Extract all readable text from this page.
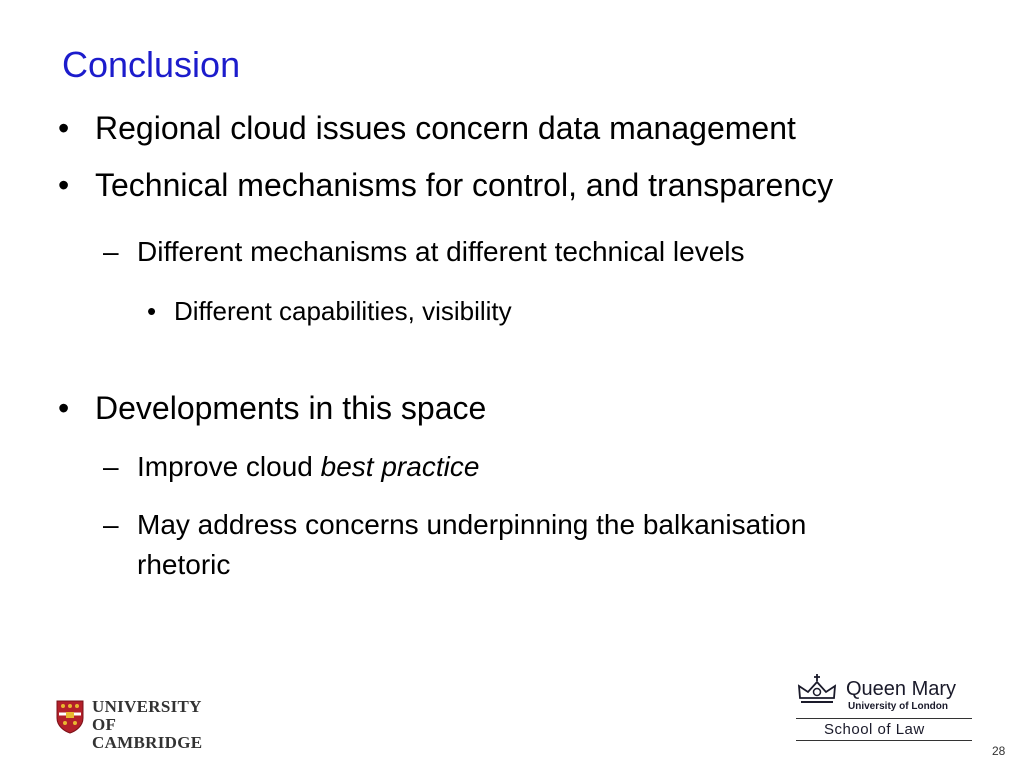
Conclusion
• Regional cloud issues concern data management
• Technical mechanisms for control, and transparency
– Different mechanisms at different technical levels
• Different capabilities, visibility
• Developments in this space
– Improve cloud best practice
– May address concerns underpinning the balkanisation
rhetoric
UNIVERSITY OF
CAMBRIDGE
Queen Mary
University of London
School of Law
28
